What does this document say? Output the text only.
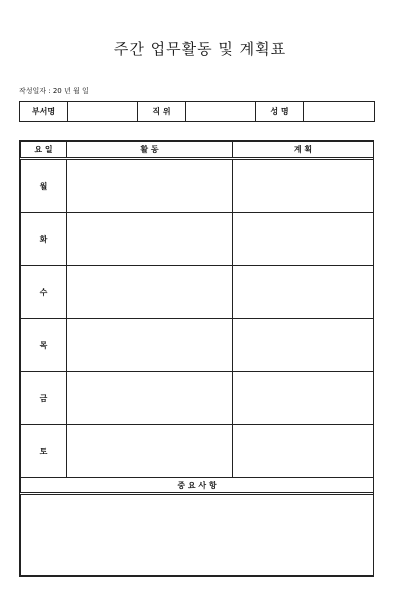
주간 업무활동 및 계획표
작성일자 : 20 년 월 일
부서명		직 위		성 명	
요 일	활 동	계 획
월		
화		
수		
목		
금		
토		
중 요 사 항		
